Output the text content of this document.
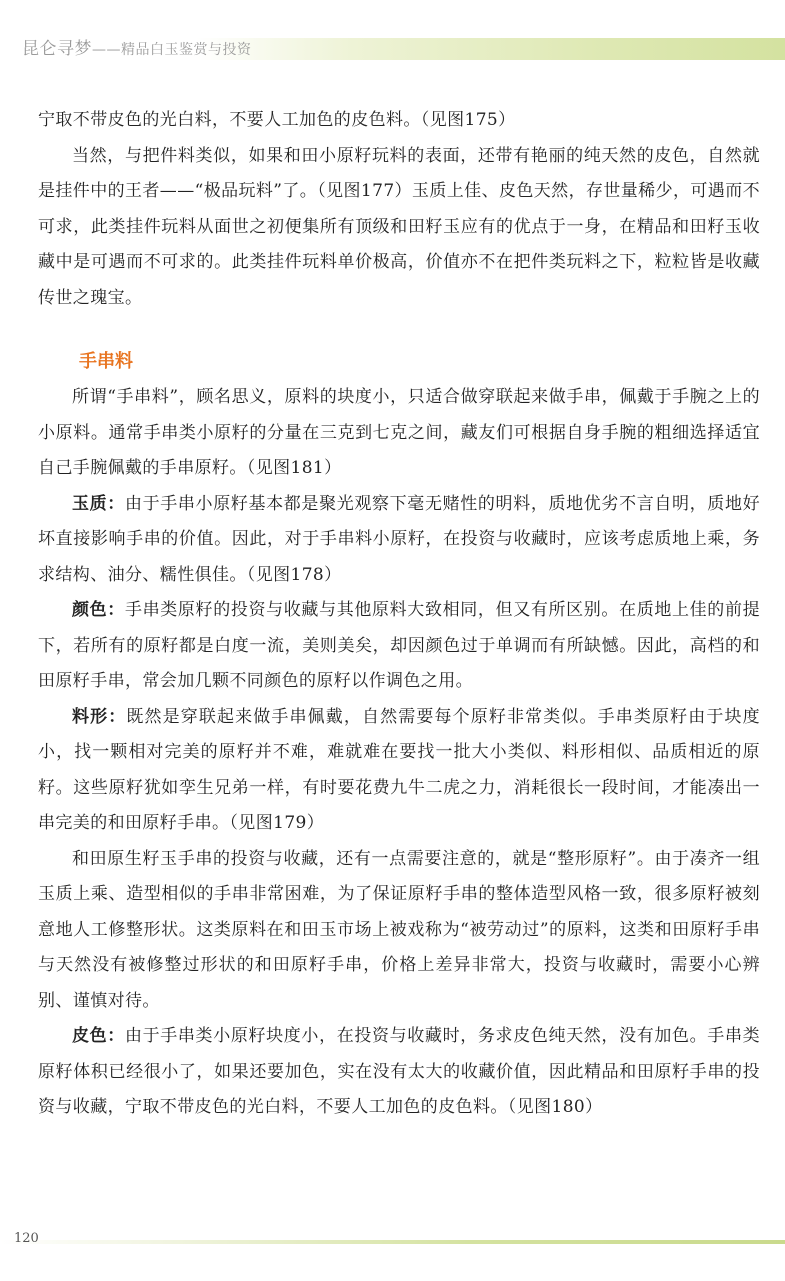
昆仑寻梦——精品白玉鉴赏与投资

宁取不带皮色的光白料，不要人工加色的皮色料。（见图175）

当然，与把件料类似，如果和田小原籽玩料的表面，还带有艳丽的纯天然的皮色，自然就是挂件中的王者——“极品玩料”了。（见图177）玉质上佳、皮色天然，存世量稀少，可遇而不可求，此类挂件玩料从面世之初便集所有顶级和田籽玉应有的优点于一身，在精品和田籽玉收藏中是可遇而不可求的。此类挂件玩料单价极高，价值亦不在把件类玩料之下，粒粒皆是收藏传世之瑰宝。

手串料

所谓“手串料”，顾名思义，原料的块度小，只适合做穿联起来做手串，佩戴于手腕之上的小原料。通常手串类小原籽的分量在三克到七克之间，藏友们可根据自身手腕的粗细选择适宜自己手腕佩戴的手串原籽。（见图181）

玉质：由于手串小原籽基本都是聚光观察下毫无赌性的明料，质地优劣不言自明，质地好坏直接影响手串的价值。因此，对于手串料小原籽，在投资与收藏时，应该考虑质地上乘，务求结构、油分、糯性俱佳。（见图178）

颜色：手串类原籽的投资与收藏与其他原料大致相同，但又有所区别。在质地上佳的前提下，若所有的原籽都是白度一流，美则美矣，却因颜色过于单调而有所缺憾。因此，高档的和田原籽手串，常会加几颗不同颜色的原籽以作调色之用。

料形：既然是穿联起来做手串佩戴，自然需要每个原籽非常类似。手串类原籽由于块度小，找一颗相对完美的原籽并不难，难就难在要找一批大小类似、料形相似、品质相近的原籽。这些原籽犹如孪生兄弟一样，有时要花费九牛二虎之力，消耗很长一段时间，才能凑出一串完美的和田原籽手串。（见图179）

和田原生籽玉手串的投资与收藏，还有一点需要注意的，就是“整形原籽”。由于凑齐一组玉质上乘、造型相似的手串非常困难，为了保证原籽手串的整体造型风格一致，很多原籽被刻意地人工修整形状。这类原料在和田玉市场上被戏称为“被劳动过”的原料，这类和田原籽手串与天然没有被修整过形状的和田原籽手串，价格上差异非常大，投资与收藏时，需要小心辨别、谨慎对待。

皮色：由于手串类小原籽块度小，在投资与收藏时，务求皮色纯天然，没有加色。手串类原籽体积已经很小了，如果还要加色，实在没有太大的收藏价值，因此精品和田原籽手串的投资与收藏，宁取不带皮色的光白料，不要人工加色的皮色料。（见图180）

120
